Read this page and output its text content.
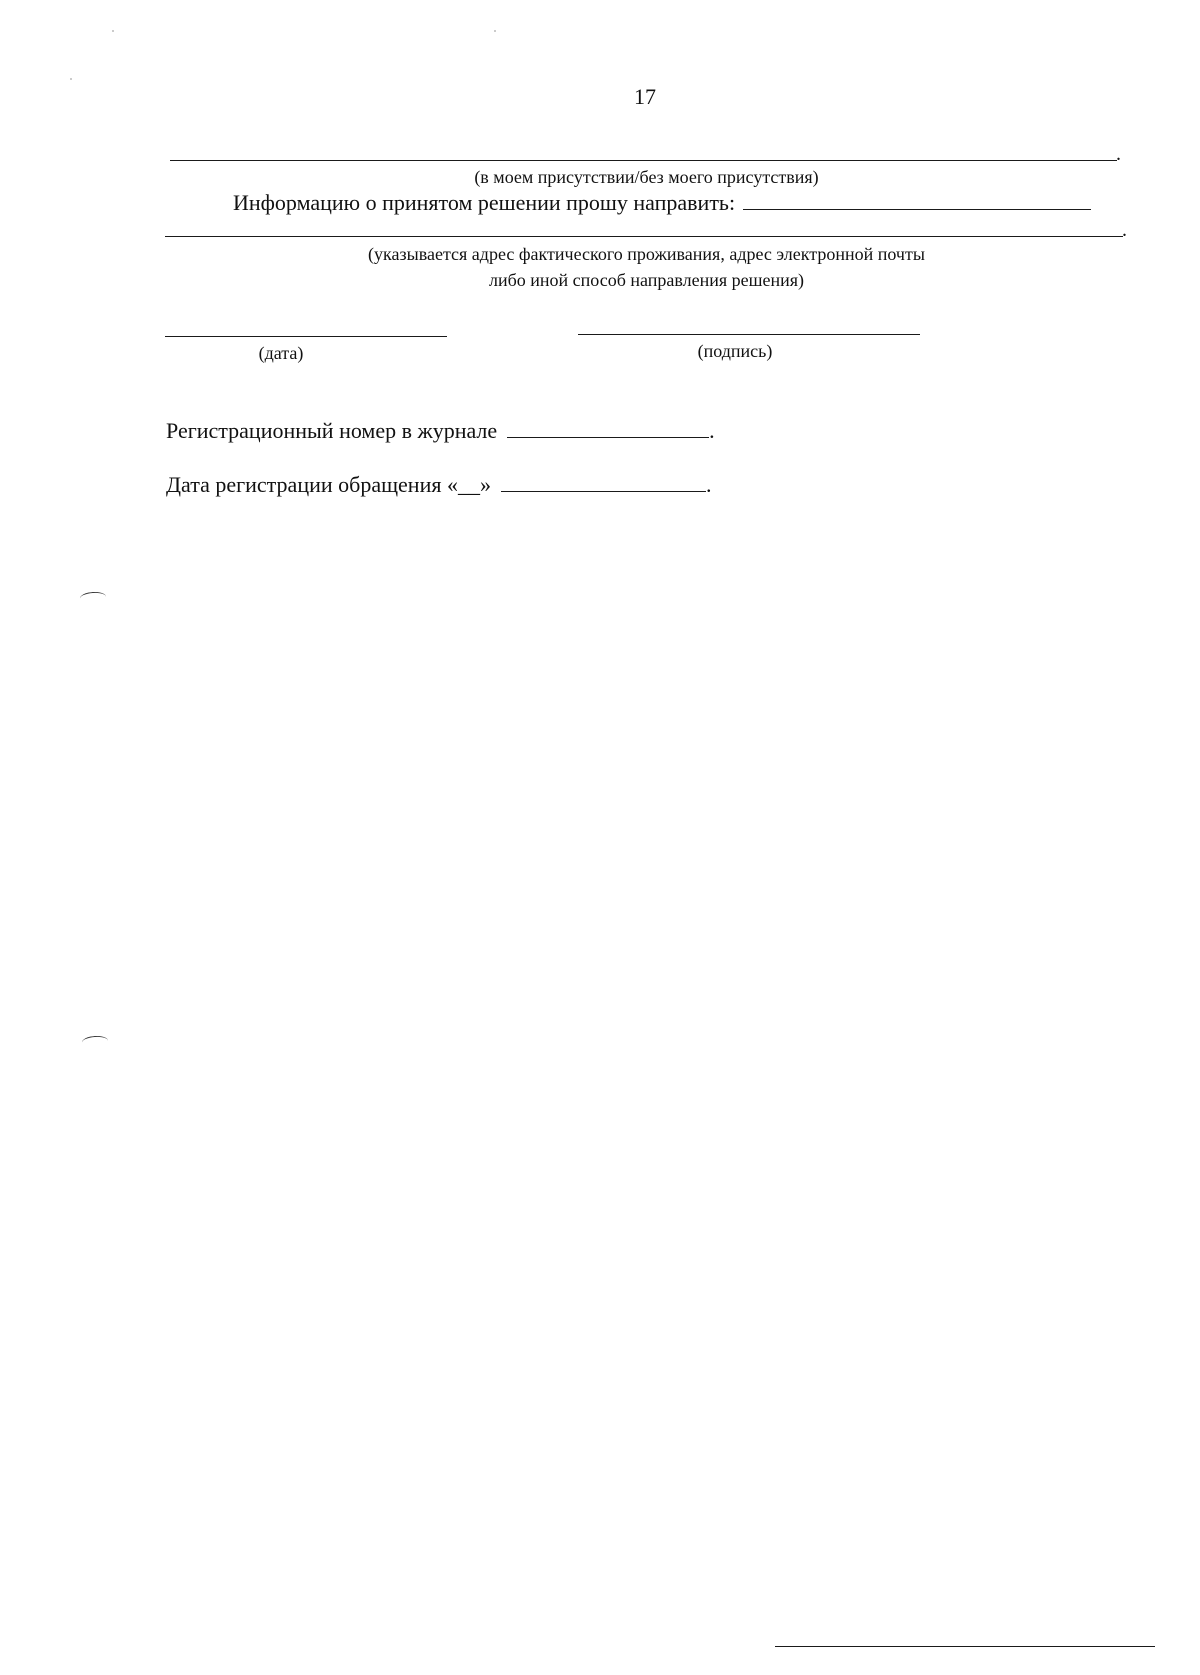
17
.
(в моем присутствии/без моего присутствия)
Информацию о принятом решении прошу направить:
.
(указывается адрес фактического проживания, адрес электронной почты
либо иной способ направления решения)
(дата)	(подпись)
Регистрационный номер в журнале	.
Дата регистрации обращения «__»	.
